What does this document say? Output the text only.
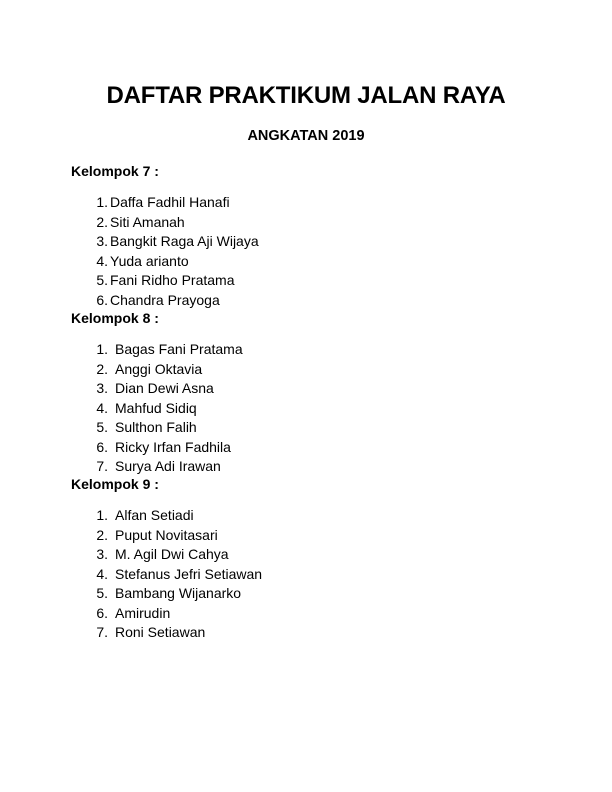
DAFTAR PRAKTIKUM JALAN RAYA
ANGKATAN 2019
Kelompok 7 :
1. Daffa Fadhil Hanafi
2. Siti Amanah
3. Bangkit Raga Aji Wijaya
4. Yuda arianto
5. Fani Ridho Pratama
6. Chandra Prayoga
Kelompok 8 :
1. Bagas Fani Pratama
2. Anggi Oktavia
3. Dian Dewi Asna
4. Mahfud Sidiq
5. Sulthon Falih
6. Ricky Irfan Fadhila
7. Surya Adi Irawan
Kelompok 9 :
1. Alfan Setiadi
2. Puput Novitasari
3. M. Agil Dwi Cahya
4. Stefanus Jefri Setiawan
5. Bambang Wijanarko
6. Amirudin
7. Roni Setiawan
